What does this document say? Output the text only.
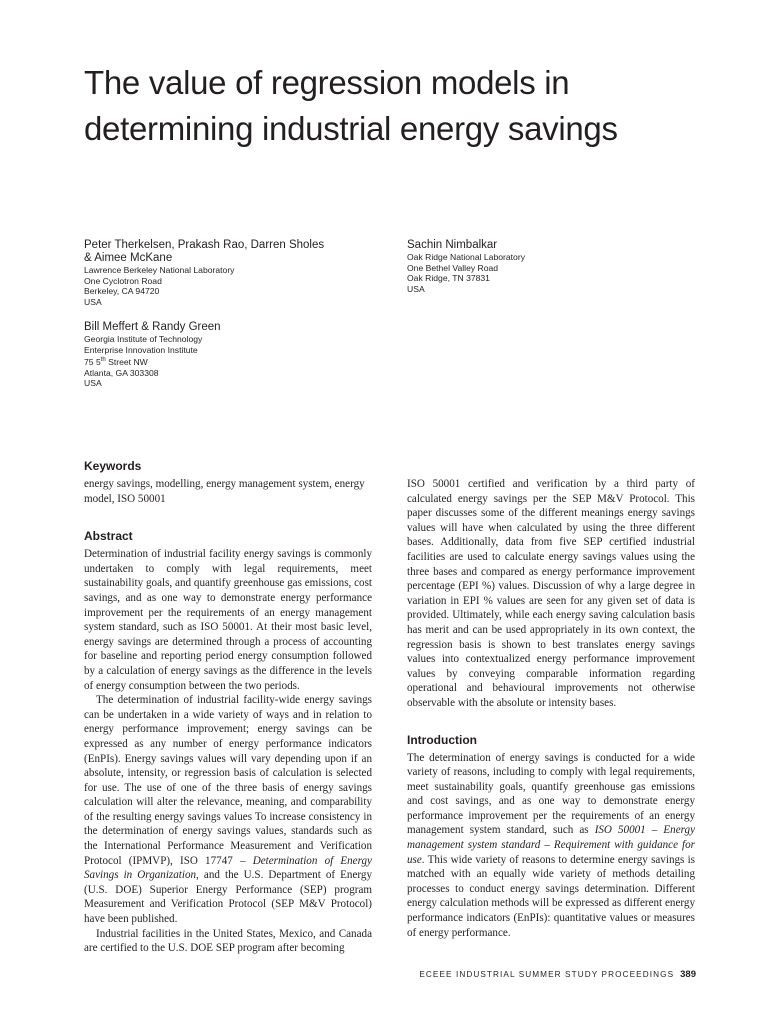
The value of regression models in determining industrial energy savings
Peter Therkelsen, Prakash Rao, Darren Sholes & Aimee McKane
Lawrence Berkeley National Laboratory
One Cyclotron Road
Berkeley, CA 94720
USA
Sachin Nimbalkar
Oak Ridge National Laboratory
One Bethel Valley Road
Oak Ridge, TN 37831
USA
Bill Meffert & Randy Green
Georgia Institute of Technology
Enterprise Innovation Institute
75 5th Street NW
Atlanta, GA 303308
USA
Keywords

energy savings, modelling, energy management system, energy model, ISO 50001

Abstract

Determination of industrial facility energy savings is commonly undertaken to comply with legal requirements, meet sustainability goals, and quantify greenhouse gas emissions, cost savings, and as one way to demonstrate energy performance improvement per the requirements of an energy management system standard, such as ISO 50001. At their most basic level, energy savings are determined through a process of accounting for baseline and reporting period energy consumption followed by a calculation of energy savings as the difference in the levels of energy consumption between the two periods.

The determination of industrial facility-wide energy savings can be undertaken in a wide variety of ways and in relation to energy performance improvement; energy savings can be expressed as any number of energy performance indicators (EnPIs). Energy savings values will vary depending upon if an absolute, intensity, or regression basis of calculation is selected for use. The use of one of the three basis of energy savings calculation will alter the relevance, meaning, and comparability of the resulting energy savings values To increase consistency in the determination of energy savings values, standards such as the International Performance Measurement and Verification Protocol (IPMVP), ISO 17747 – Determination of Energy Savings in Organization, and the U.S. Department of Energy (U.S. DOE) Superior Energy Performance (SEP) program Measurement and Verification Protocol (SEP M&V Protocol) have been published.

Industrial facilities in the United States, Mexico, and Canada are certified to the U.S. DOE SEP program after becoming

ISO 50001 certified and verification by a third party of calculated energy savings per the SEP M&V Protocol. This paper discusses some of the different meanings energy savings values will have when calculated by using the three different bases. Additionally, data from five SEP certified industrial facilities are used to calculate energy savings values using the three bases and compared as energy performance improvement percentage (EPI %) values. Discussion of why a large degree in variation in EPI % values are seen for any given set of data is provided. Ultimately, while each energy saving calculation basis has merit and can be used appropriately in its own context, the regression basis is shown to best translates energy savings values into contextualized energy performance improvement values by conveying comparable information regarding operational and behavioural improvements not otherwise observable with the absolute or intensity bases.

Introduction

The determination of energy savings is conducted for a wide variety of reasons, including to comply with legal requirements, meet sustainability goals, quantify greenhouse gas emissions and cost savings, and as one way to demonstrate energy performance improvement per the requirements of an energy management system standard, such as ISO 50001 – Energy management system standard – Requirement with guidance for use. This wide variety of reasons to determine energy savings is matched with an equally wide variety of methods detailing processes to conduct energy savings determination. Different energy calculation methods will be expressed as different energy performance indicators (EnPIs): quantitative values or measures of energy performance.

ECEEE INDUSTRIAL SUMMER STUDY PROCEEDINGS 389
